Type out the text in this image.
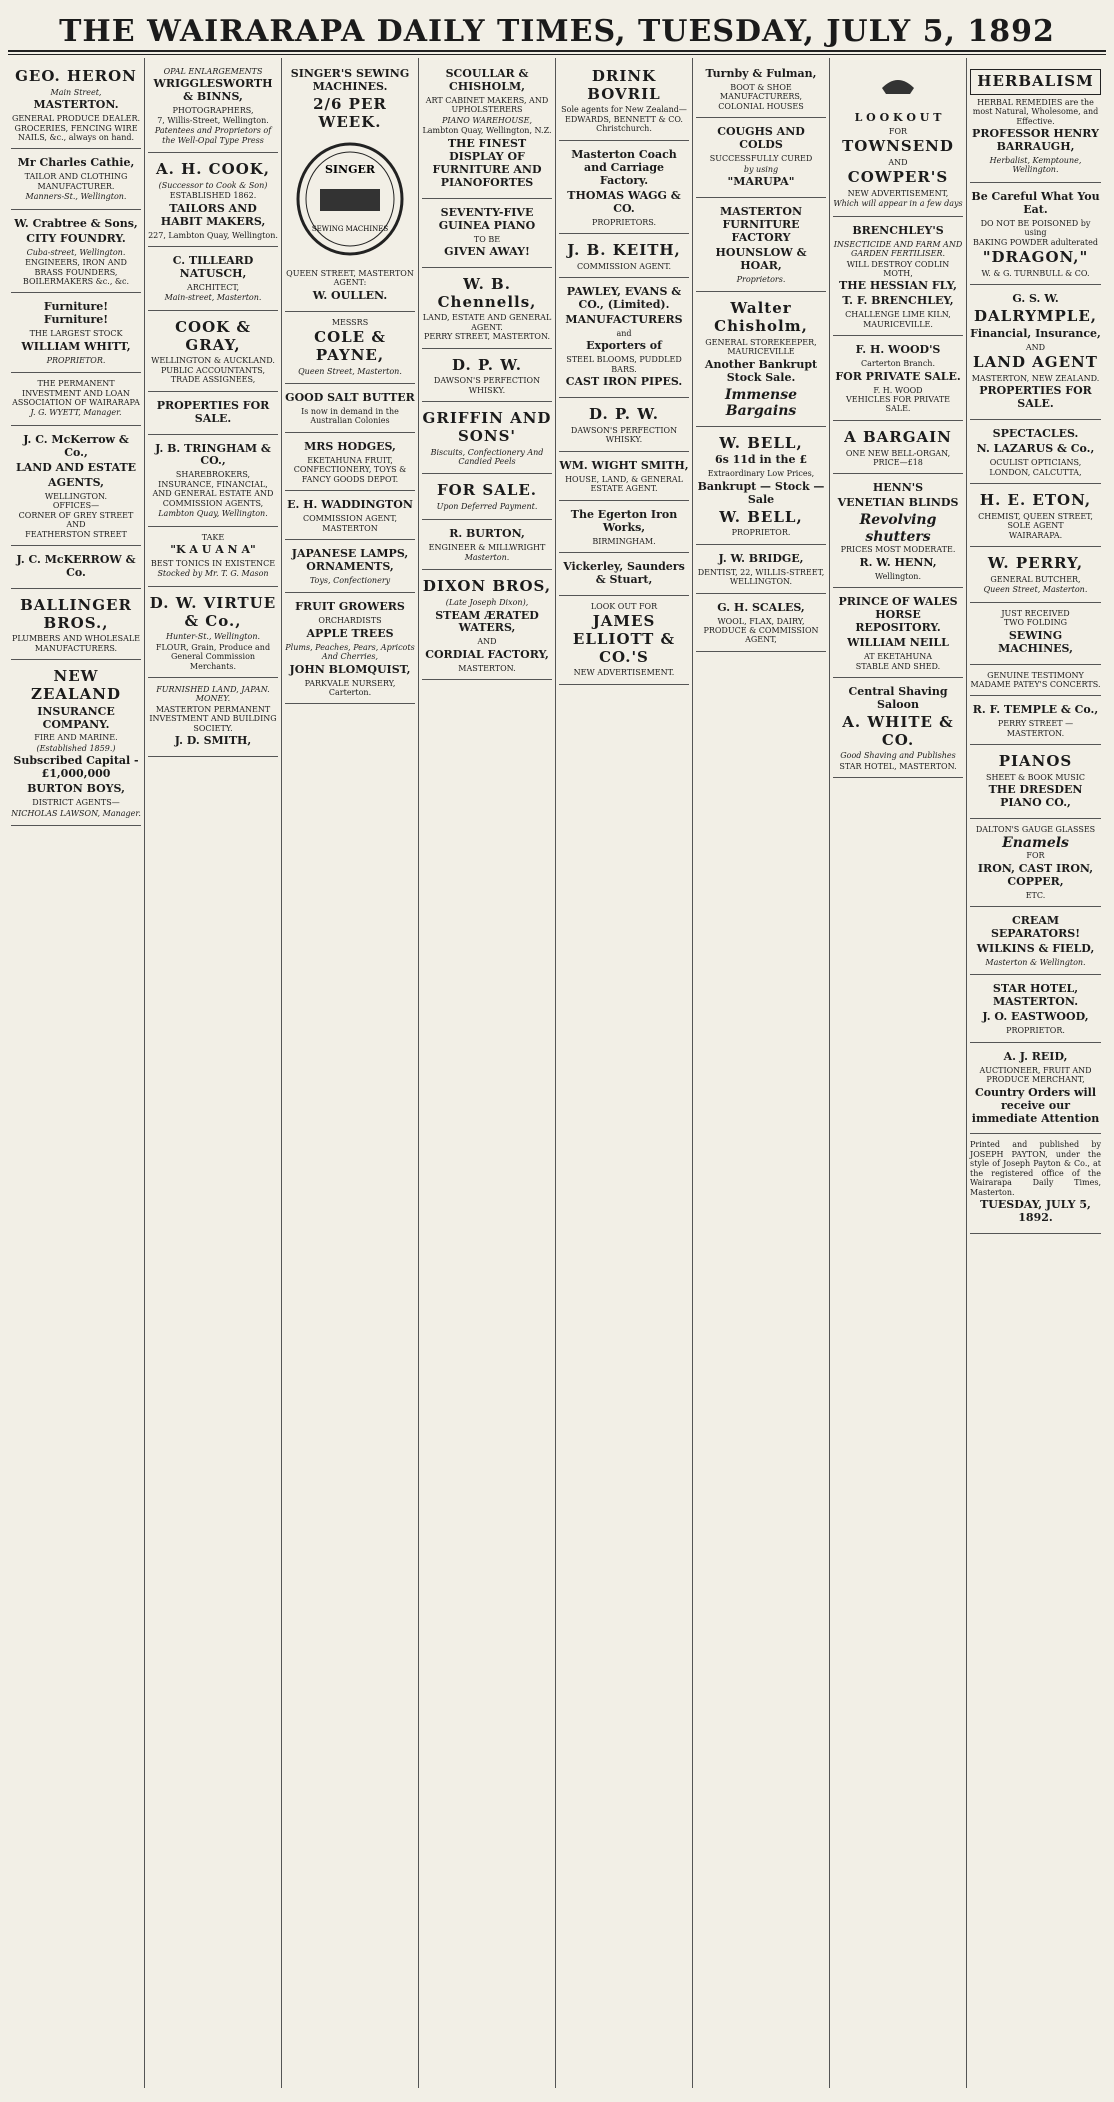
THE WAIRARAPA DAILY TIMES, TUESDAY, JULY 5, 1892
GEO. HERON
Main Street,
MASTERTON.
GENERAL PRODUCE DEALER.
GROCERIES, FENCING WIRE NAILS, &c., always on hand.
Mr Charles Cathie,
TAILOR AND CLOTHING MANUFACTURER.
Manners-St., Wellington.
W. Crabtree & Sons,
CITY FOUNDRY.
Cuba-street, Wellington.
ENGINEERS, IRON AND BRASS FOUNDERS, BOILERMAKERS &c., &c.
Furniture! Furniture!
THE LARGEST STOCK
WILLIAM WHITT,
PROPRIETOR.
THE PERMANENT INVESTMENT AND LOAN ASSOCIATION OF WAIRARAPA
J. G. WYETT, Manager.
J. C. McKerrow & Co.,
LAND AND ESTATE
AGENTS,
WELLINGTON.
OFFICES—
CORNER OF GREY STREET
AND
FEATHERSTON STREET
J. C. McKERROW & Co.
BALLINGER BROS.,
PLUMBERS AND WHOLESALE MANUFACTURERS.
NEW ZEALAND
INSURANCE COMPANY.
FIRE AND MARINE.
(Established 1859.)
Subscribed Capital - £1,000,000
BURTON BOYS,
DISTRICT AGENTS—
NICHOLAS LAWSON, Manager.
OPAL ENLARGEMENTS
WRIGGLESWORTH & BINNS,
PHOTOGRAPHERS,
7, Willis-Street, Wellington.
Patentees and Proprietors of the Well-Opal Type Press
A. H. COOK,
(Successor to Cook & Son)
ESTABLISHED 1862.
TAILORS AND HABIT MAKERS,
227, Lambton Quay, Wellington.
C. TILLEARD NATUSCH,
ARCHITECT,
Main-street, Masterton.
COOK & GRAY,
WELLINGTON & AUCKLAND.
PUBLIC ACCOUNTANTS, TRADE ASSIGNEES,
PROPERTIES FOR SALE.
J. B. TRINGHAM & CO.,
SHAREBROKERS, INSURANCE, FINANCIAL, AND GENERAL ESTATE AND COMMISSION AGENTS,
Lambton Quay, Wellington.
TAKE
"K A U A N A"
BEST TONICS IN EXISTENCE
Stocked by Mr. T. G. Mason
D. W. VIRTUE & Co.,
Hunter-St., Wellington.
FLOUR, Grain, Produce and General Commission Merchants.
FURNISHED LAND, JAPAN. MONEY.
MASTERTON PERMANENT INVESTMENT AND BUILDING SOCIETY.
J. D. SMITH,
SINGER'S SEWING MACHINES.
2/6 PER WEEK.
SINGER
SEWING MACHINES
QUEEN STREET, MASTERTON
AGENT:
W. OULLEN.
MESSRS
COLE & PAYNE,
Queen Street, Masterton.
GOOD SALT BUTTER
Is now in demand in the Australian Colonies
MRS HODGES,
EKETAHUNA FRUIT, CONFECTIONERY, TOYS & FANCY GOODS DEPOT.
E. H. WADDINGTON
COMMISSION AGENT,
MASTERTON
JAPANESE LAMPS, ORNAMENTS,
Toys, Confectionery
FRUIT GROWERS
ORCHARDISTS
APPLE TREES
Plums, Peaches, Pears, Apricots And Cherries,
JOHN BLOMQUIST,
PARKVALE NURSERY, Carterton.
SCOULLAR & CHISHOLM,
ART CABINET MAKERS, AND UPHOLSTERERS
PIANO WAREHOUSE,
Lambton Quay, Wellington, N.Z.
THE FINEST DISPLAY OF FURNITURE AND PIANOFORTES
SEVENTY-FIVE GUINEA PIANO
TO BE
GIVEN AWAY!
W. B. Chennells,
LAND, ESTATE AND GENERAL AGENT.
PERRY STREET, MASTERTON.
D. P. W.
DAWSON'S PERFECTION WHISKY.
GRIFFIN AND SONS'
Biscuits, Confectionery And Candied Peels
FOR SALE.
Upon Deferred Payment.
R. BURTON,
ENGINEER & MILLWRIGHT
Masterton.
DIXON BROS,
(Late Joseph Dixon),
STEAM ÆRATED WATERS,
AND
CORDIAL FACTORY,
MASTERTON.
DRINK BOVRIL
Sole agents for New Zealand—
EDWARDS, BENNETT & CO. Christchurch.
Masterton Coach and Carriage Factory.
THOMAS WAGG & CO.
PROPRIETORS.
J. B. KEITH,
COMMISSION AGENT.
PAWLEY, EVANS & CO., (Limited).
MANUFACTURERS
and
Exporters of
STEEL BLOOMS, PUDDLED BARS.
CAST IRON PIPES.
D. P. W.
DAWSON'S PERFECTION WHISKY.
WM. WIGHT SMITH,
HOUSE, LAND, & GENERAL ESTATE AGENT.
The Egerton Iron Works,
BIRMINGHAM.
Vickerley, Saunders & Stuart,
LOOK OUT FOR
JAMES ELLIOTT & CO.'S
NEW ADVERTISEMENT.
Turnby & Fulman,
BOOT & SHOE MANUFACTURERS,
COLONIAL HOUSES
COUGHS AND COLDS
SUCCESSFULLY CURED
by using
"MARUPA"
MASTERTON FURNITURE FACTORY
HOUNSLOW & HOAR,
Proprietors.
Walter Chisholm,
GENERAL STOREKEEPER,
MAURICEVILLE
Another Bankrupt Stock Sale.
Immense Bargains
W. BELL,
6s 11d in the £
Extraordinary Low Prices,
Bankrupt — Stock — Sale
W. BELL,
PROPRIETOR.
J. W. BRIDGE,
DENTIST, 22, WILLIS-STREET, WELLINGTON.
G. H. SCALES,
WOOL, FLAX, DAIRY, PRODUCE & COMMISSION AGENT,
L O O K O U T
FOR
TOWNSEND
AND
COWPER'S
NEW ADVERTISEMENT,
Which will appear in a few days
BRENCHLEY'S
INSECTICIDE AND FARM AND GARDEN FERTILISER.
WILL DESTROY CODLIN MOTH,
THE HESSIAN FLY,
T. F. BRENCHLEY,
CHALLENGE LIME KILN, MAURICEVILLE.
F. H. WOOD'S
Carterton Branch.
FOR PRIVATE SALE.
F. H. WOOD
VEHICLES FOR PRIVATE SALE.
A BARGAIN
ONE NEW BELL-ORGAN,
PRICE—£18
HENN'S
VENETIAN BLINDS
Revolving shutters
PRICES MOST MODERATE.
R. W. HENN,
Wellington.
PRINCE OF WALES HORSE REPOSITORY.
WILLIAM NEILL
AT EKETAHUNA
STABLE AND SHED.
Central Shaving Saloon
A. WHITE & CO.
Good Shaving and Publishes
STAR HOTEL, MASTERTON.
HERBALISM
HERBAL REMEDIES are the most Natural, Wholesome, and Effective.
PROFESSOR HENRY BARRAUGH,
Herbalist, Kemptoune, Wellington.
Be Careful What You Eat.
DO NOT BE POISONED by using
BAKING POWDER adulterated
"DRAGON,"
W. & G. TURNBULL & CO.
G. S. W.
DALRYMPLE,
Financial, Insurance,
AND
LAND AGENT
MASTERTON, NEW ZEALAND.
PROPERTIES FOR SALE.
SPECTACLES.
N. LAZARUS & Co.,
OCULIST OPTICIANS,
LONDON, CALCUTTA,
H. E. ETON,
CHEMIST, QUEEN STREET,
SOLE AGENT
WAIRARAPA.
W. PERRY,
GENERAL BUTCHER,
Queen Street, Masterton.
JUST RECEIVED
TWO FOLDING
SEWING MACHINES,
GENUINE TESTIMONY
MADAME PATEY'S CONCERTS.
R. F. TEMPLE & Co.,
PERRY STREET — MASTERTON.
PIANOS
SHEET & BOOK MUSIC
THE DRESDEN PIANO CO.,
DALTON'S GAUGE GLASSES
Enamels
FOR
IRON, CAST IRON, COPPER,
ETC.
CREAM SEPARATORS!
WILKINS & FIELD,
Masterton & Wellington.
STAR HOTEL, MASTERTON.
J. O. EASTWOOD,
PROPRIETOR.
A. J. REID,
AUCTIONEER, FRUIT AND PRODUCE MERCHANT,
Country Orders will receive our immediate Attention
Printed and published by JOSEPH PAYTON, under the style of Joseph Payton & Co., at the registered office of the Wairarapa Daily Times, Masterton.
TUESDAY, JULY 5, 1892.
